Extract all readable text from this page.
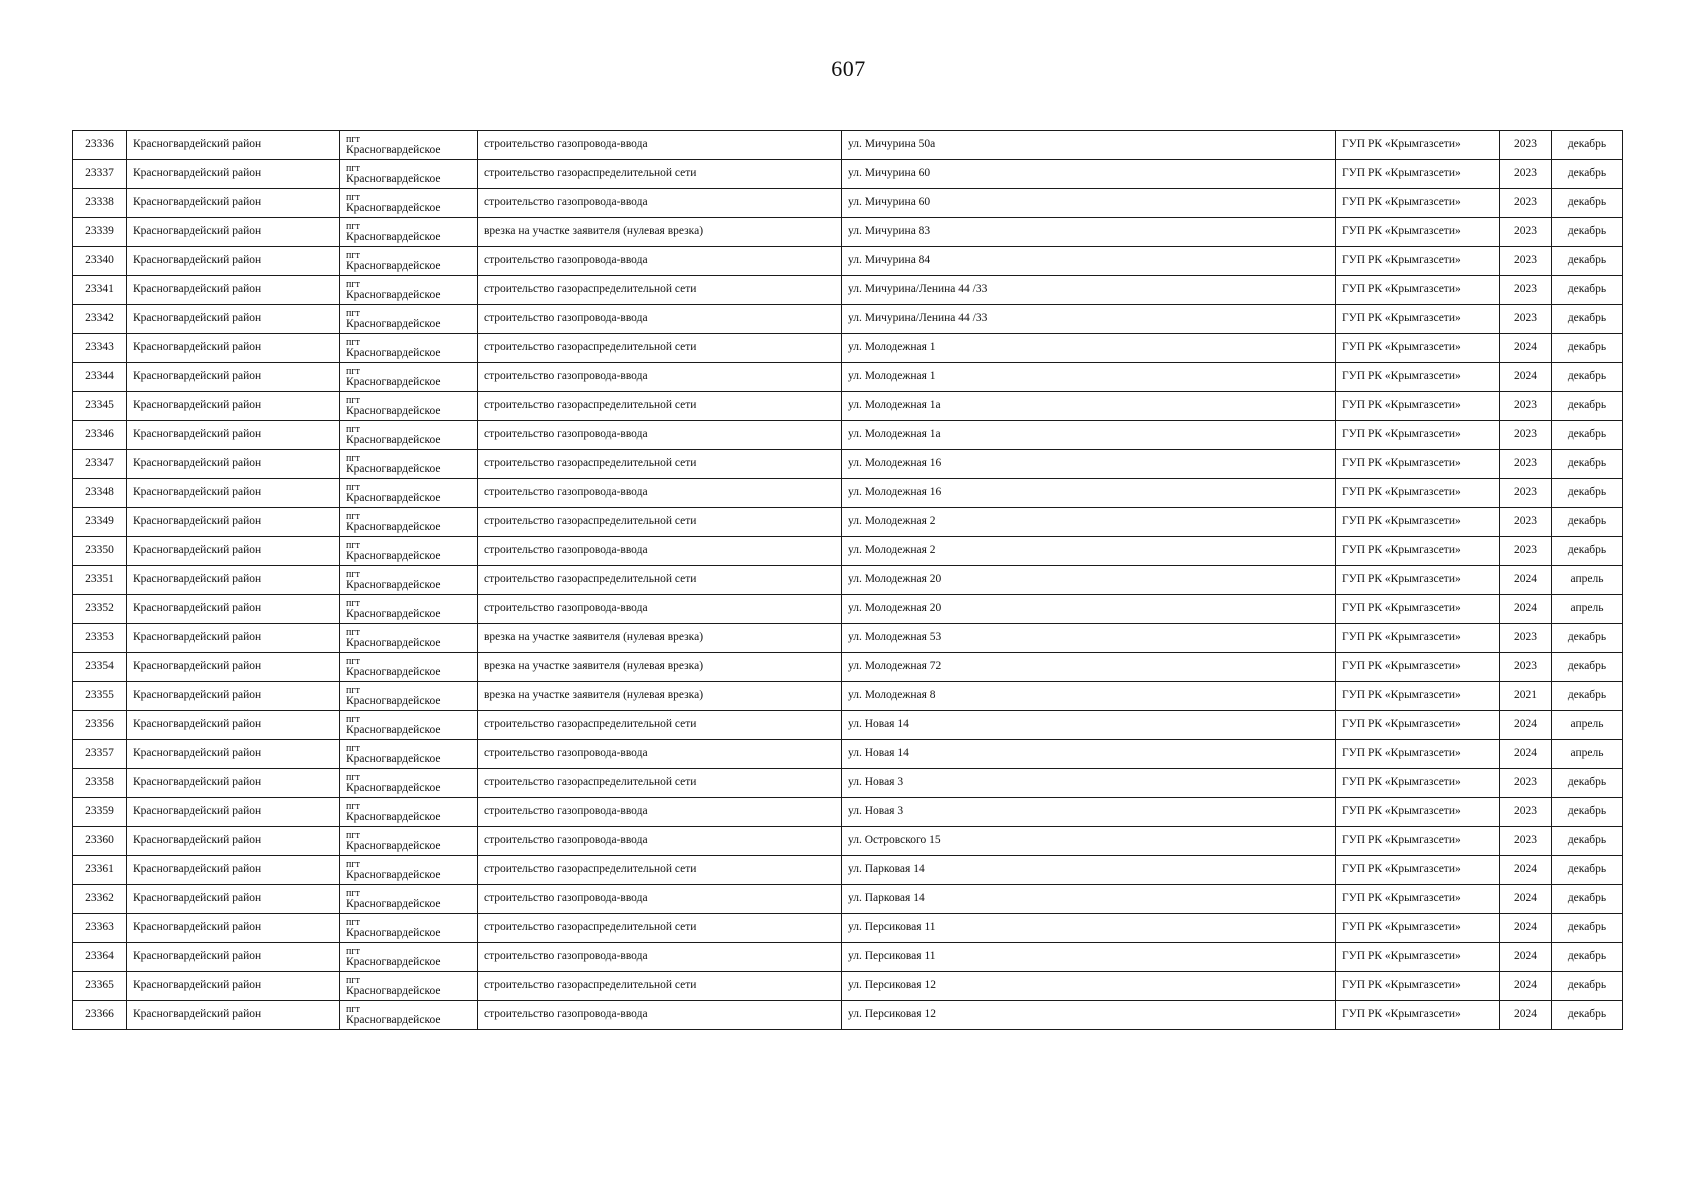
607
23336	Красногвардейский район	пгт
Красногвардейское	строительство газопровода-ввода	ул. Мичурина 50а	ГУП РК «Крымгазсети»	2023	декабрь
23337	Красногвардейский район	пгт
Красногвардейское	строительство газораспределительной сети	ул. Мичурина 60	ГУП РК «Крымгазсети»	2023	декабрь
23338	Красногвардейский район	пгт
Красногвардейское	строительство газопровода-ввода	ул. Мичурина 60	ГУП РК «Крымгазсети»	2023	декабрь
23339	Красногвардейский район	пгт
Красногвардейское	врезка на участке заявителя (нулевая врезка)	ул. Мичурина 83	ГУП РК «Крымгазсети»	2023	декабрь
23340	Красногвардейский район	пгт
Красногвардейское	строительство газопровода-ввода	ул. Мичурина 84	ГУП РК «Крымгазсети»	2023	декабрь
23341	Красногвардейский район	пгт
Красногвардейское	строительство газораспределительной сети	ул. Мичурина/Ленина 44 /33	ГУП РК «Крымгазсети»	2023	декабрь
23342	Красногвардейский район	пгт
Красногвардейское	строительство газопровода-ввода	ул. Мичурина/Ленина 44 /33	ГУП РК «Крымгазсети»	2023	декабрь
23343	Красногвардейский район	пгт
Красногвардейское	строительство газораспределительной сети	ул. Молодежная 1	ГУП РК «Крымгазсети»	2024	декабрь
23344	Красногвардейский район	пгт
Красногвардейское	строительство газопровода-ввода	ул. Молодежная 1	ГУП РК «Крымгазсети»	2024	декабрь
23345	Красногвардейский район	пгт
Красногвардейское	строительство газораспределительной сети	ул. Молодежная 1а	ГУП РК «Крымгазсети»	2023	декабрь
23346	Красногвардейский район	пгт
Красногвардейское	строительство газопровода-ввода	ул. Молодежная 1а	ГУП РК «Крымгазсети»	2023	декабрь
23347	Красногвардейский район	пгт
Красногвардейское	строительство газораспределительной сети	ул. Молодежная 16	ГУП РК «Крымгазсети»	2023	декабрь
23348	Красногвардейский район	пгт
Красногвардейское	строительство газопровода-ввода	ул. Молодежная 16	ГУП РК «Крымгазсети»	2023	декабрь
23349	Красногвардейский район	пгт
Красногвардейское	строительство газораспределительной сети	ул. Молодежная 2	ГУП РК «Крымгазсети»	2023	декабрь
23350	Красногвардейский район	пгт
Красногвардейское	строительство газопровода-ввода	ул. Молодежная 2	ГУП РК «Крымгазсети»	2023	декабрь
23351	Красногвардейский район	пгт
Красногвардейское	строительство газораспределительной сети	ул. Молодежная 20	ГУП РК «Крымгазсети»	2024	апрель
23352	Красногвардейский район	пгт
Красногвардейское	строительство газопровода-ввода	ул. Молодежная 20	ГУП РК «Крымгазсети»	2024	апрель
23353	Красногвардейский район	пгт
Красногвардейское	врезка на участке заявителя (нулевая врезка)	ул. Молодежная 53	ГУП РК «Крымгазсети»	2023	декабрь
23354	Красногвардейский район	пгт
Красногвардейское	врезка на участке заявителя (нулевая врезка)	ул. Молодежная 72	ГУП РК «Крымгазсети»	2023	декабрь
23355	Красногвардейский район	пгт
Красногвардейское	врезка на участке заявителя (нулевая врезка)	ул. Молодежная 8	ГУП РК «Крымгазсети»	2021	декабрь
23356	Красногвардейский район	пгт
Красногвардейское	строительство газораспределительной сети	ул. Новая 14	ГУП РК «Крымгазсети»	2024	апрель
23357	Красногвардейский район	пгт
Красногвардейское	строительство газопровода-ввода	ул. Новая 14	ГУП РК «Крымгазсети»	2024	апрель
23358	Красногвардейский район	пгт
Красногвардейское	строительство газораспределительной сети	ул. Новая 3	ГУП РК «Крымгазсети»	2023	декабрь
23359	Красногвардейский район	пгт
Красногвардейское	строительство газопровода-ввода	ул. Новая 3	ГУП РК «Крымгазсети»	2023	декабрь
23360	Красногвардейский район	пгт
Красногвардейское	строительство газопровода-ввода	ул. Островского 15	ГУП РК «Крымгазсети»	2023	декабрь
23361	Красногвардейский район	пгт
Красногвардейское	строительство газораспределительной сети	ул. Парковая 14	ГУП РК «Крымгазсети»	2024	декабрь
23362	Красногвардейский район	пгт
Красногвардейское	строительство газопровода-ввода	ул. Парковая 14	ГУП РК «Крымгазсети»	2024	декабрь
23363	Красногвардейский район	пгт
Красногвардейское	строительство газораспределительной сети	ул. Персиковая 11	ГУП РК «Крымгазсети»	2024	декабрь
23364	Красногвардейский район	пгт
Красногвардейское	строительство газопровода-ввода	ул. Персиковая 11	ГУП РК «Крымгазсети»	2024	декабрь
23365	Красногвардейский район	пгт
Красногвардейское	строительство газораспределительной сети	ул. Персиковая 12	ГУП РК «Крымгазсети»	2024	декабрь
23366	Красногвардейский район	пгт
Красногвардейское	строительство газопровода-ввода	ул. Персиковая 12	ГУП РК «Крымгазсети»	2024	декабрь
